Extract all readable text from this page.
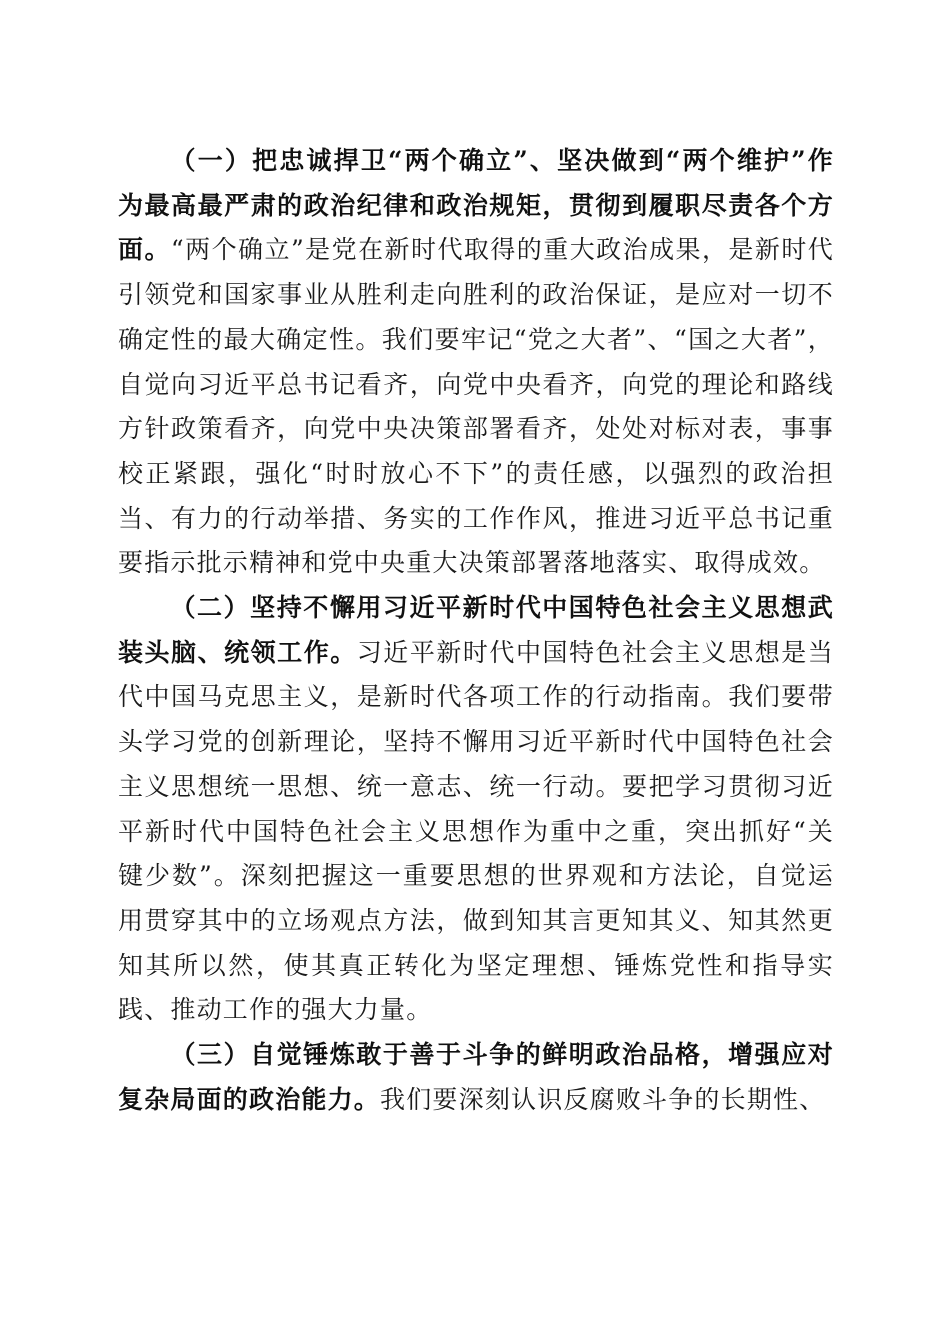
（一）把忠诚捍卫“两个确立”、坚决做到“两个维护”作为最高最严肃的政治纪律和政治规矩，贯彻到履职尽责各个方面。“两个确立”是党在新时代取得的重大政治成果，是新时代引领党和国家事业从胜利走向胜利的政治保证，是应对一切不确定性的最大确定性。我们要牢记“党之大者”、“国之大者”，自觉向习近平总书记看齐，向党中央看齐，向党的理论和路线方针政策看齐，向党中央决策部署看齐，处处对标对表，事事校正紧跟，强化“时时放心不下”的责任感，以强烈的政治担当、有力的行动举措、务实的工作作风，推进习近平总书记重要指示批示精神和党中央重大决策部署落地落实、取得成效。

（二）坚持不懈用习近平新时代中国特色社会主义思想武装头脑、统领工作。习近平新时代中国特色社会主义思想是当代中国马克思主义，是新时代各项工作的行动指南。我们要带头学习党的创新理论，坚持不懈用习近平新时代中国特色社会主义思想统一思想、统一意志、统一行动。要把学习贯彻习近平新时代中国特色社会主义思想作为重中之重，突出抓好“关键少数”。深刻把握这一重要思想的世界观和方法论，自觉运用贯穿其中的立场观点方法，做到知其言更知其义、知其然更知其所以然，使其真正转化为坚定理想、锤炼党性和指导实践、推动工作的强大力量。

（三）自觉锤炼敢于善于斗争的鲜明政治品格，增强应对复杂局面的政治能力。我们要深刻认识反腐败斗争的长期性、
